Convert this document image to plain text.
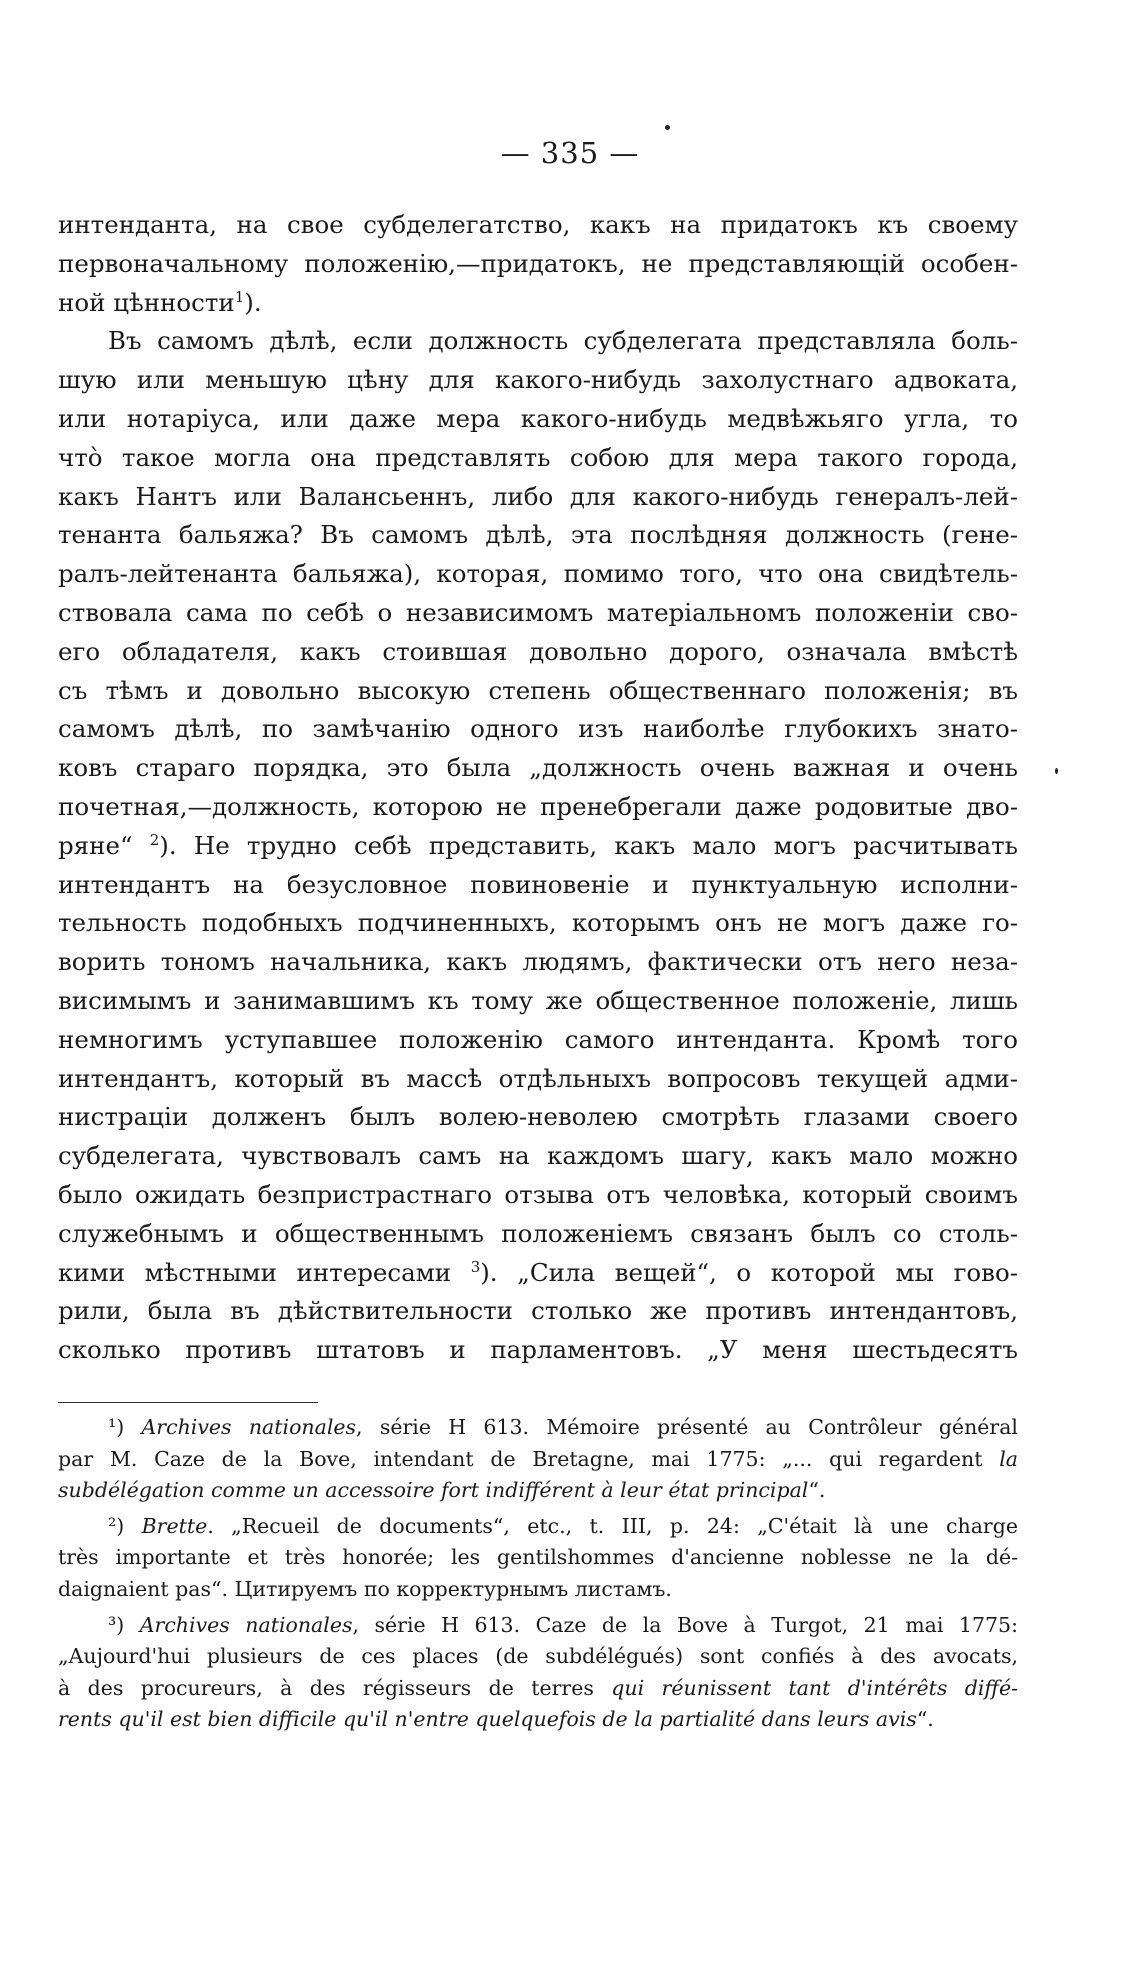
— 335 —
интенданта, на свое субделегатство, какъ на придатокъ къ своему
первоначальному положенію,—придатокъ, не представляющій особен-
ной цѣнности$^1$).
Въ самомъ дѣлѣ, если должность субделегата представляла боль-
шую или меньшую цѣну для какого-нибудь захолустнаго адвоката,
или нотаріуса, или даже мера какого-нибудь медвѣжьяго угла, то
что̀ такое могла она представлять собою для мера такого города,
какъ Нантъ или Валансьеннъ, либо для какого-нибудь генералъ-лей-
тенанта бальяжа? Въ самомъ дѣлѣ, эта послѣдняя должность (гене-
ралъ-лейтенанта бальяжа), которая, помимо того, что она свидѣтель-
ствовала сама по себѣ о независимомъ матеріальномъ положеніи сво-
его обладателя, какъ стоившая довольно дорого, означала вмѣстѣ
съ тѣмъ и довольно высокую степень общественнаго положенія; въ
самомъ дѣлѣ, по замѣчанію одного изъ наиболѣе глубокихъ знато-
ковъ стараго порядка, это была „должность очень важная и очень
почетная,—должность, которою не пренебрегали даже родовитые дво-
ряне“ $^2$). Не трудно себѣ представить, какъ мало могъ расчитывать
интендантъ на безусловное повиновеніе и пунктуальную исполни-
тельность подобныхъ подчиненныхъ, которымъ онъ не могъ даже го-
ворить тономъ начальника, какъ людямъ, фактически отъ него неза-
висимымъ и занимавшимъ къ тому же общественное положеніе, лишь
немногимъ уступавшее положенію самого интенданта. Кромѣ того
интендантъ, который въ массѣ отдѣльныхъ вопросовъ текущей адми-
нистраціи долженъ былъ волею-неволею смотрѣть глазами своего
субделегата, чувствовалъ самъ на каждомъ шагу, какъ мало можно
было ожидать безпристрастнаго отзыва отъ человѣка, который своимъ
служебнымъ и общественнымъ положеніемъ связанъ былъ со столь-
кими мѣстными интересами $^3$). „Сила вещей“, о которой мы гово-
рили, была въ дѣйствительности столько же противъ интендантовъ,
сколько противъ штатовъ и парламентовъ. „У меня шестьдесятъ
¹) Archives nationales, série H 613. Mémoire présenté au Contrôleur général
par M. Caze de la Bove, intendant de Bretagne, mai 1775: „... qui regardent la
subdélégation comme un accessoire fort indifférent à leur état principal“.
²) Brette. „Recueil de documents“, etc., t. III, p. 24: „C'était là une charge
très importante et très honorée; les gentilshommes d'ancienne noblesse ne la dé-
daignaient pas“. Цитируемъ по корректурнымъ листамъ.
³) Archives nationales, série H 613. Caze de la Bove à Turgot, 21 mai 1775:
„Aujourd'hui plusieurs de ces places (de subdélégués) sont confiés à des avocats,
à des procureurs, à des régisseurs de terres qui réunissent tant d'intérêts diffé-
rents qu'il est bien difficile qu'il n'entre quelquefois de la partialité dans leurs avis“.
